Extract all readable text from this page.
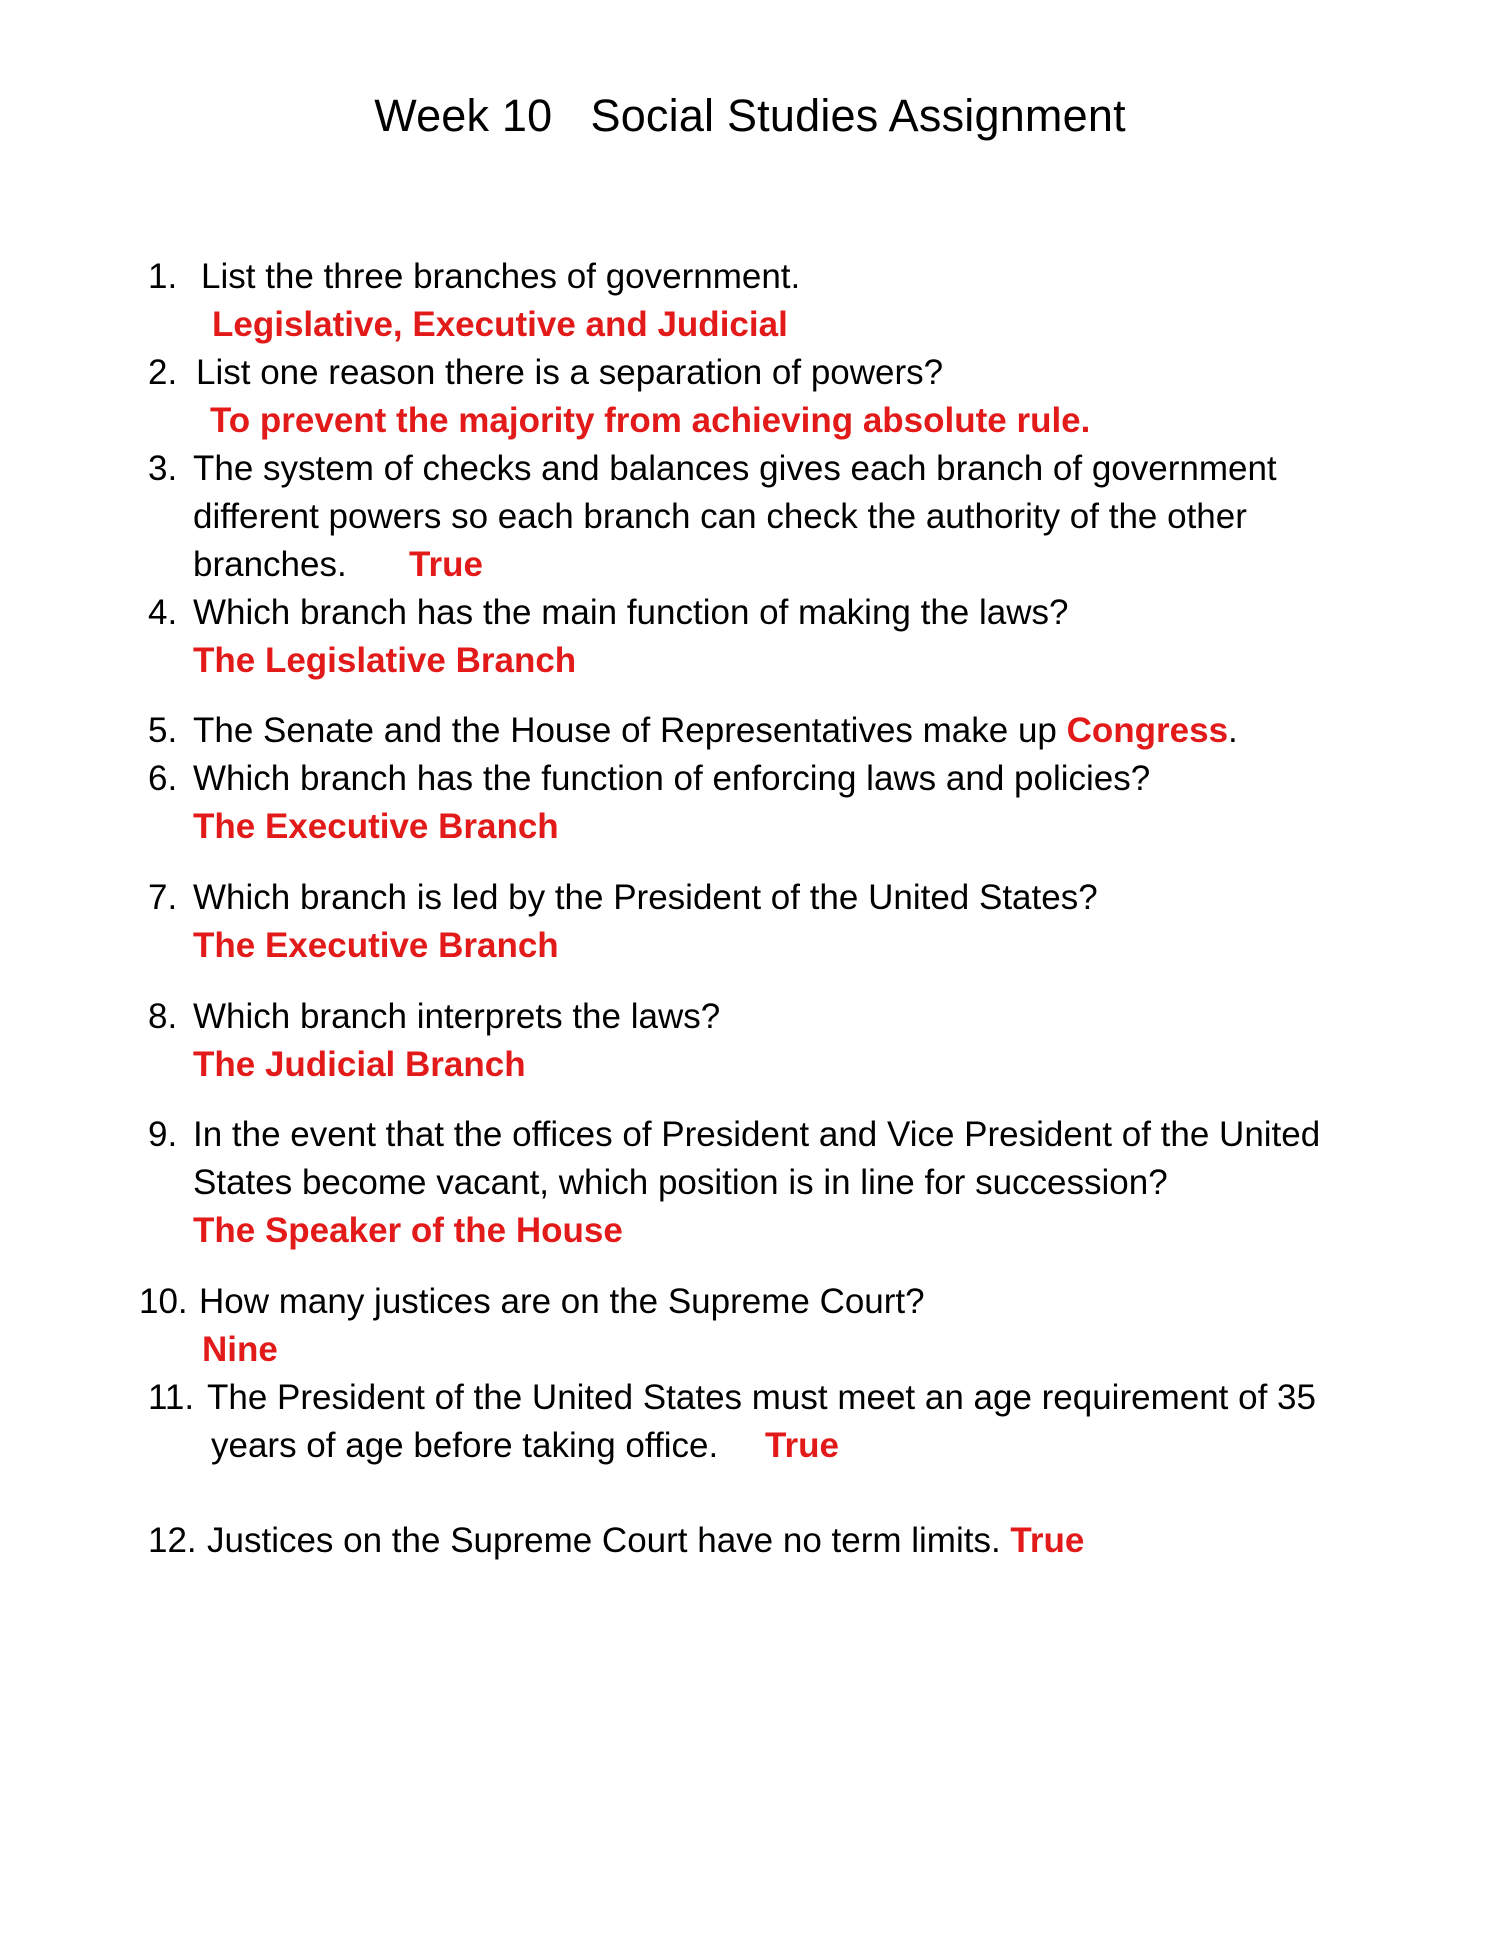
Week 10   Social Studies Assignment
1. List the three branches of government.
Legislative, Executive and Judicial
2. List one reason there is a separation of powers?
To prevent the majority from achieving absolute rule.
3. The system of checks and balances gives each branch of government
different powers so each branch can check the authority of the other
branches. True
4. Which branch has the main function of making the laws?
The Legislative Branch
5. The Senate and the House of Representatives make up Congress.
6. Which branch has the function of enforcing laws and policies?
The Executive Branch
7. Which branch is led by the President of the United States?
The Executive Branch
8. Which branch interprets the laws?
The Judicial Branch
9. In the event that the offices of President and Vice President of the United
States become vacant, which position is in line for succession?
The Speaker of the House
10. How many justices are on the Supreme Court?
Nine
11. The President of the United States must meet an age requirement of 35
years of age before taking office. True
12. Justices on the Supreme Court have no term limits. True
